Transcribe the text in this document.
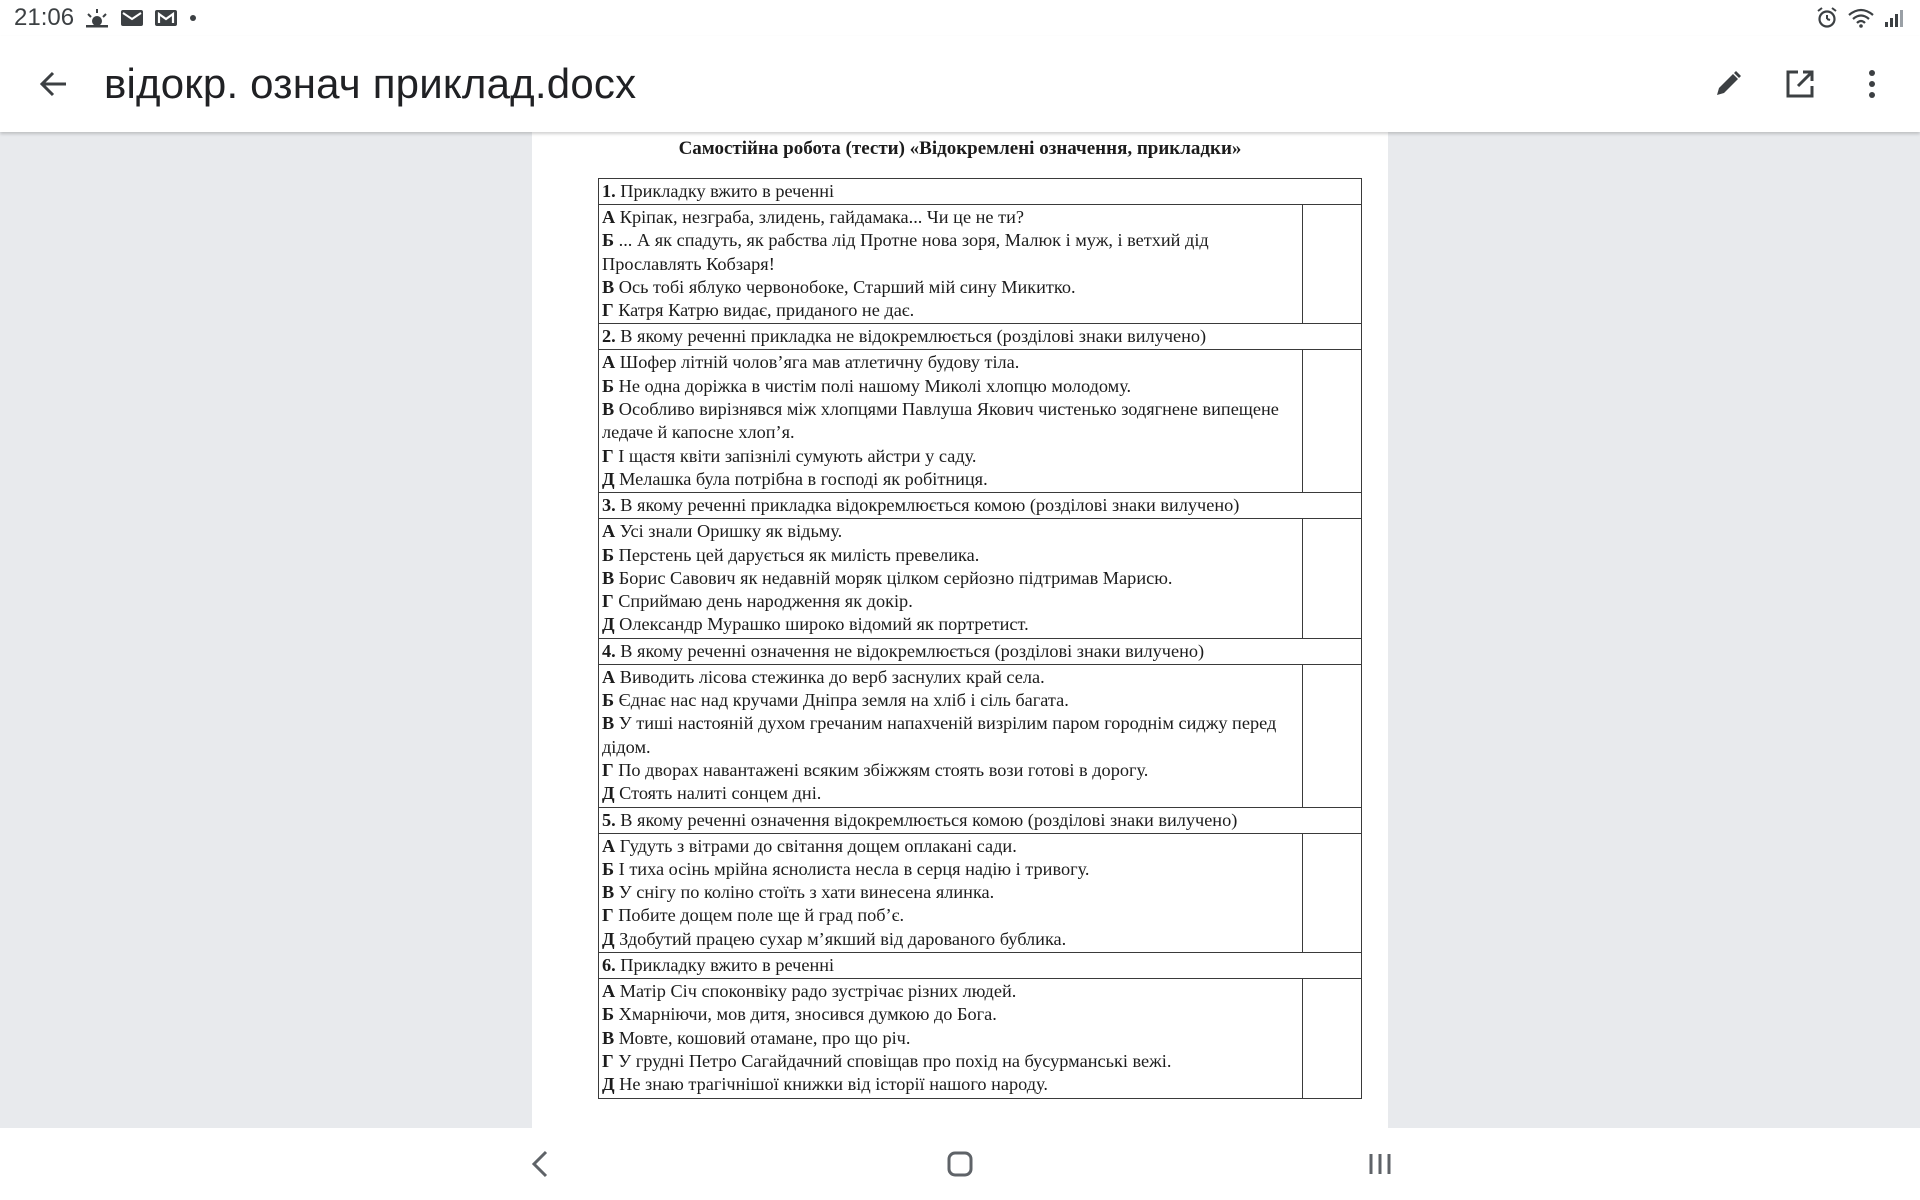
21:06
відокр. означ приклад.docx
Самостійна робота (тести) «Відокремлені означення, прикладки»
1. Прикладку вжито в реченні	

А Кріпак, незграба, злидень, гайдамака... Чи це не ти?
Б ... А як спадуть, як рабства лід Протне нова зоря, Малюк і муж, і ветхий дід Прославлять Кобзаря!
В Ось тобі яблуко червонобоке, Старший мій сину Микитко.
Г Катря Катрю видає, приданого не дає.	

2. В якому реченні прикладка не відокремлюється (розділові знаки вилучено)	

А Шофер літній чолов’яга мав атлетичну будову тіла.
Б Не одна доріжка в чистім полі нашому Миколі хлопцю молодому.
В Особливо вирізнявся між хлопцями Павлуша Якович чистенько зодягнене випещене ледаче й капосне хлоп’я.
Г І щастя квіти запізнілі сумують айстри у саду.
Д Мелашка була потрібна в господі як робітниця.	

3. В якому реченні прикладка відокремлюється комою (розділові знаки вилучено)	

А Усі знали Оришку як відьму.
Б Перстень цей дарується як милість превелика.
В Борис Савович як недавній моряк цілком серйозно підтримав Марисю.
Г Сприймаю день народження як докір.
Д Олександр Мурашко широко відомий як портретист.	

4. В якому реченні означення не відокремлюється (розділові знаки вилучено)	

А Виводить лісова стежинка до верб заснулих край села.
Б Єднає нас над кручами Дніпра земля на хліб і сіль багата.
В У тиші настояній духом гречаним напахченій визрілим паром городнім сиджу перед дідом.
Г По дворах навантажені всяким збіжжям стоять вози готові в дорогу.
Д Стоять налиті сонцем дні.	

5. В якому реченні означення відокремлюється комою (розділові знаки вилучено)	

А Гудуть з вітрами до світання дощем оплакані сади.
Б І тиха осінь мрійна яснолиста несла в серця надію і тривогу.
В У снігу по коліно стоїть з хати винесена ялинка.
Г Побите дощем поле ще й град поб’є.
Д Здобутий працею сухар м’якший від дарованого бублика.	

6. Прикладку вжито в реченні	

А Матір Січ споконвіку радо зустрічає різних людей.
Б Хмарніючи, мов дитя, зносився думкою до Бога.
В Мовте, кошовий отамане, про що річ.
Г У грудні Петро Сагайдачний сповіщав про похід на бусурманські вежі.
Д Не знаю трагічнішої книжки від історії нашого народу.	
